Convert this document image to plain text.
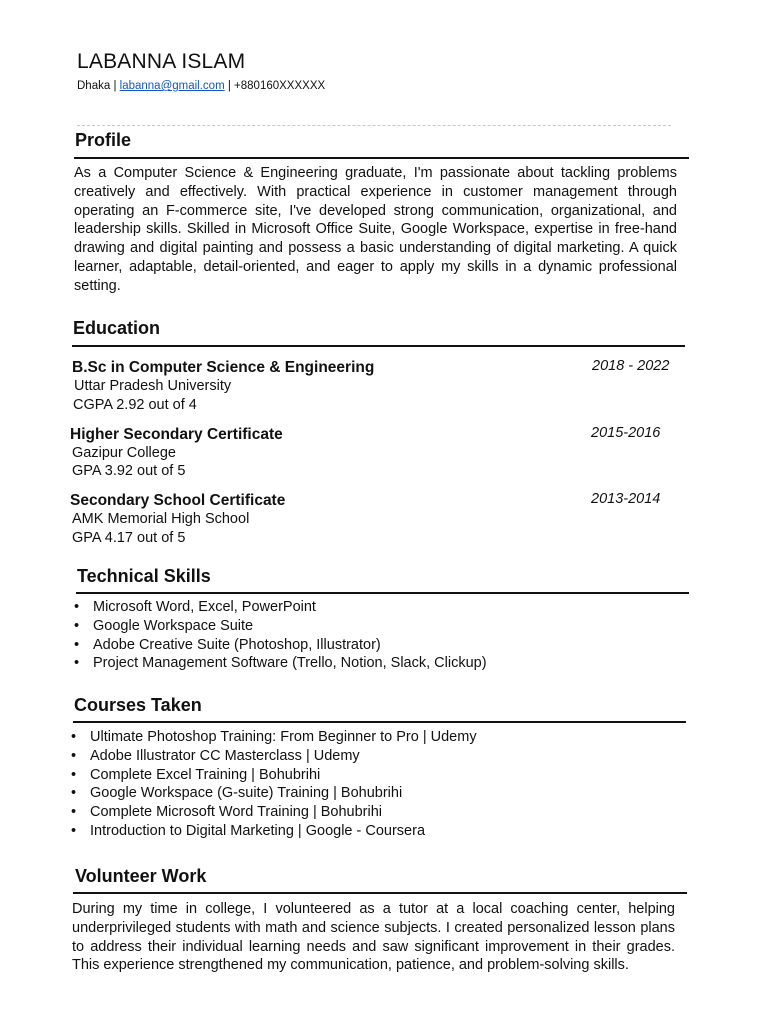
LABANNA ISLAM
Dhaka | labanna@gmail.com | +880160XXXXXX
Profile
As a Computer Science & Engineering graduate, I'm passionate about tackling problems creatively and effectively. With practical experience in customer management through operating an F-commerce site, I've developed strong communication, organizational, and leadership skills. Skilled in Microsoft Office Suite, Google Workspace, expertise in free-hand drawing and digital painting and possess a basic understanding of digital marketing. A quick learner, adaptable, detail-oriented, and eager to apply my skills in a dynamic professional setting.
Education
B.Sc in Computer Science & Engineering	2018 - 2022
Uttar Pradesh University
CGPA 2.92 out of 4
Higher Secondary Certificate	2015-2016
Gazipur College
GPA 3.92 out of 5
Secondary School Certificate	2013-2014
AMK Memorial High School
GPA 4.17 out of 5
Technical Skills
• Microsoft Word, Excel, PowerPoint
• Google Workspace Suite
• Adobe Creative Suite (Photoshop, Illustrator)
• Project Management Software (Trello, Notion, Slack, Clickup)
Courses Taken
• Ultimate Photoshop Training: From Beginner to Pro | Udemy
• Adobe Illustrator CC Masterclass | Udemy
• Complete Excel Training | Bohubrihi
• Google Workspace (G-suite) Training | Bohubrihi
• Complete Microsoft Word Training | Bohubrihi
• Introduction to Digital Marketing | Google - Coursera
Volunteer Work
During my time in college, I volunteered as a tutor at a local coaching center, helping underprivileged students with math and science subjects. I created personalized lesson plans to address their individual learning needs and saw significant improvement in their grades. This experience strengthened my communication, patience, and problem-solving skills.
